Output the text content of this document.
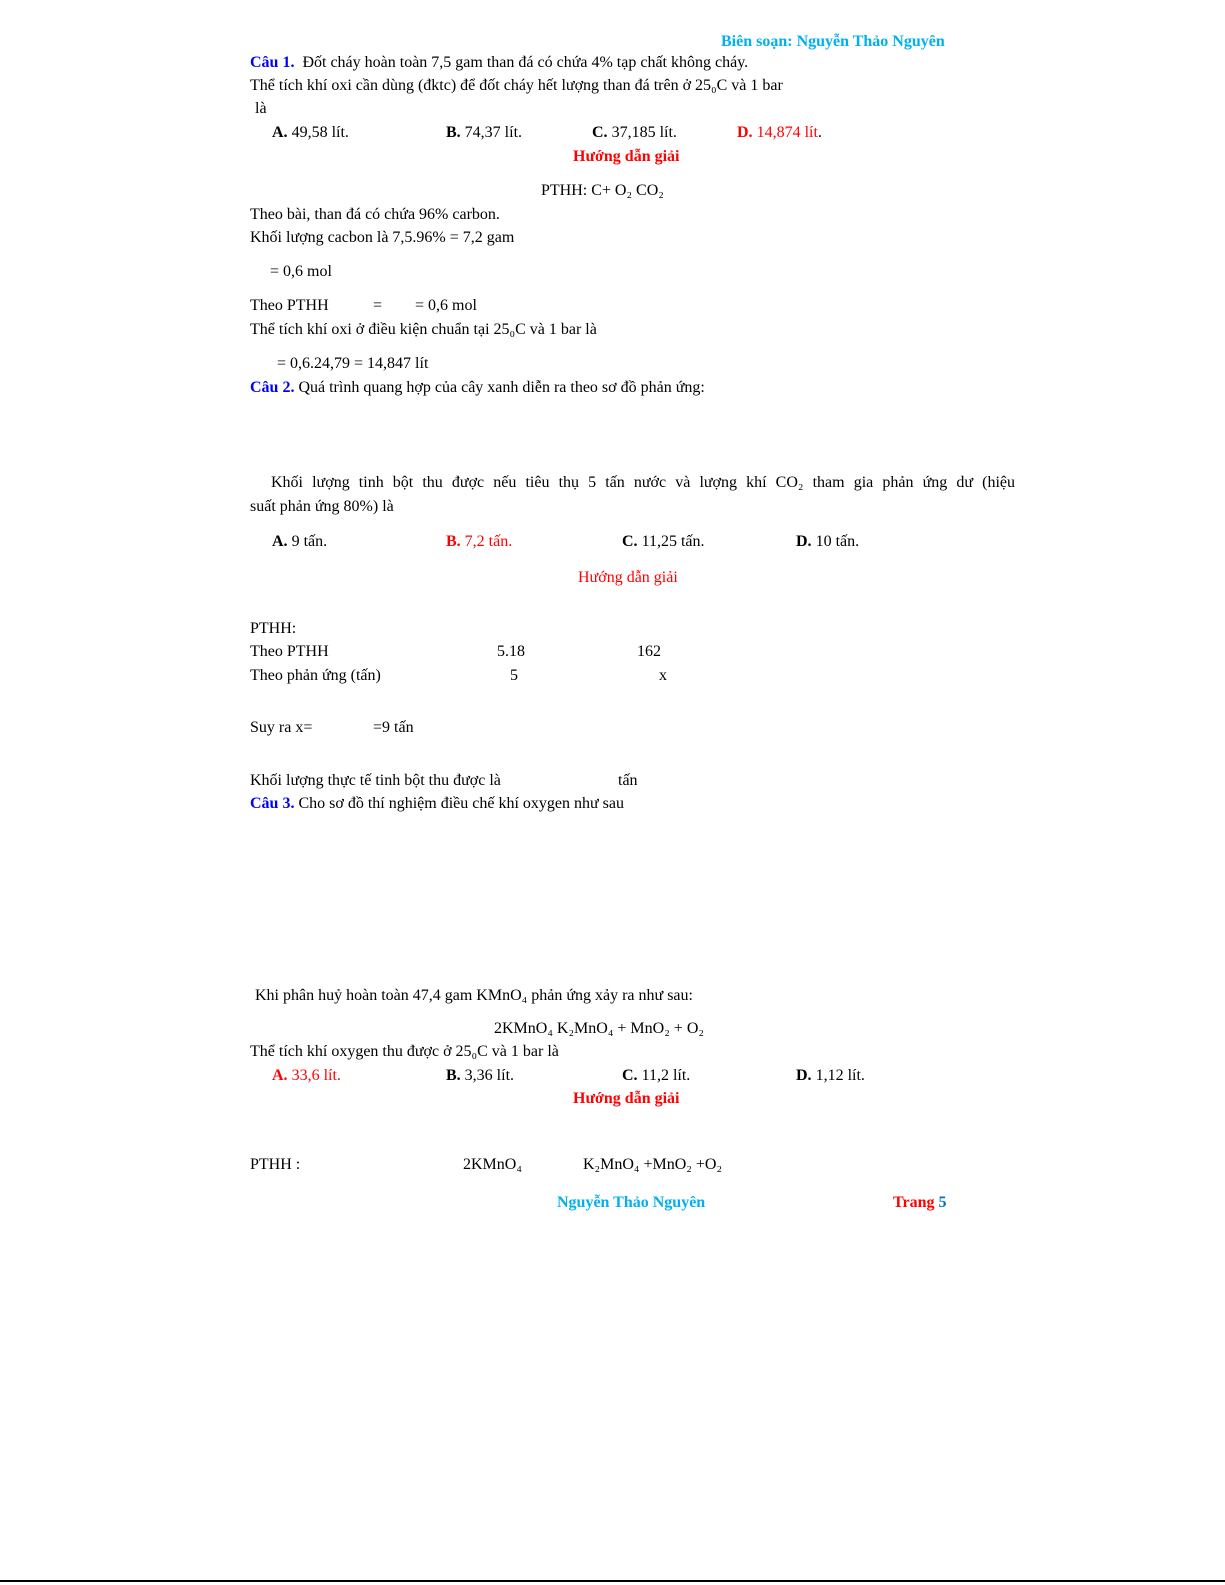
Biên soạn: Nguyễn Thảo Nguyên
Câu 1. Đốt cháy hoàn toàn 7,5 gam than đá có chứa 4% tạp chất không cháy.
Thể tích khí oxi cần dùng (đktc) để đốt cháy hết lượng than đá trên ở 25₀C và 1 bar
là
A. 49,58 lít.	B. 74,37 lít.	C. 37,185 lít.	D. 14,874 lít.
Hướng dẫn giải
PTHH: C+ O₂ CO₂
Theo bài, than đá có chứa 96% carbon.
Khối lượng cacbon là 7,5.96% = 7,2 gam
= 0,6 mol
Theo PTHH	= = 0,6 mol
Thể tích khí oxi ở điều kiện chuẩn tại 25₀C và 1 bar là
= 0,6.24,79 = 14,847 lít
Câu 2. Quá trình quang hợp của cây xanh diễn ra theo sơ đồ phản ứng:
Khối lượng tinh bột thu được nếu tiêu thụ 5 tấn nước và lượng khí CO₂ tham gia phản ứng dư (hiệu
suất phản ứng 80%) là
A. 9 tấn.	B. 7,2 tấn.	C. 11,25 tấn.	D. 10 tấn.
Hướng dẫn giải
PTHH:
Theo PTHH	5.18	162
Theo phản ứng (tấn)	5	x
Suy ra x=	=9 tấn
Khối lượng thực tế tinh bột thu được là	tấn
Câu 3. Cho sơ đồ thí nghiệm điều chế khí oxygen như sau
Khi phân huỷ hoàn toàn 47,4 gam KMnO₄ phản ứng xảy ra như sau:
2KMnO₄ K₂MnO₄ + MnO₂ + O₂
Thể tích khí oxygen thu được ở 25₀C và 1 bar là
A. 33,6 lít.	B. 3,36 lít.	C. 11,2 lít.	D. 1,12 lít.
Hướng dẫn giải
PTHH :	2KMnO₄	K₂MnO₄ +MnO₂ +O₂
Nguyễn Thảo Nguyên	Trang 5
